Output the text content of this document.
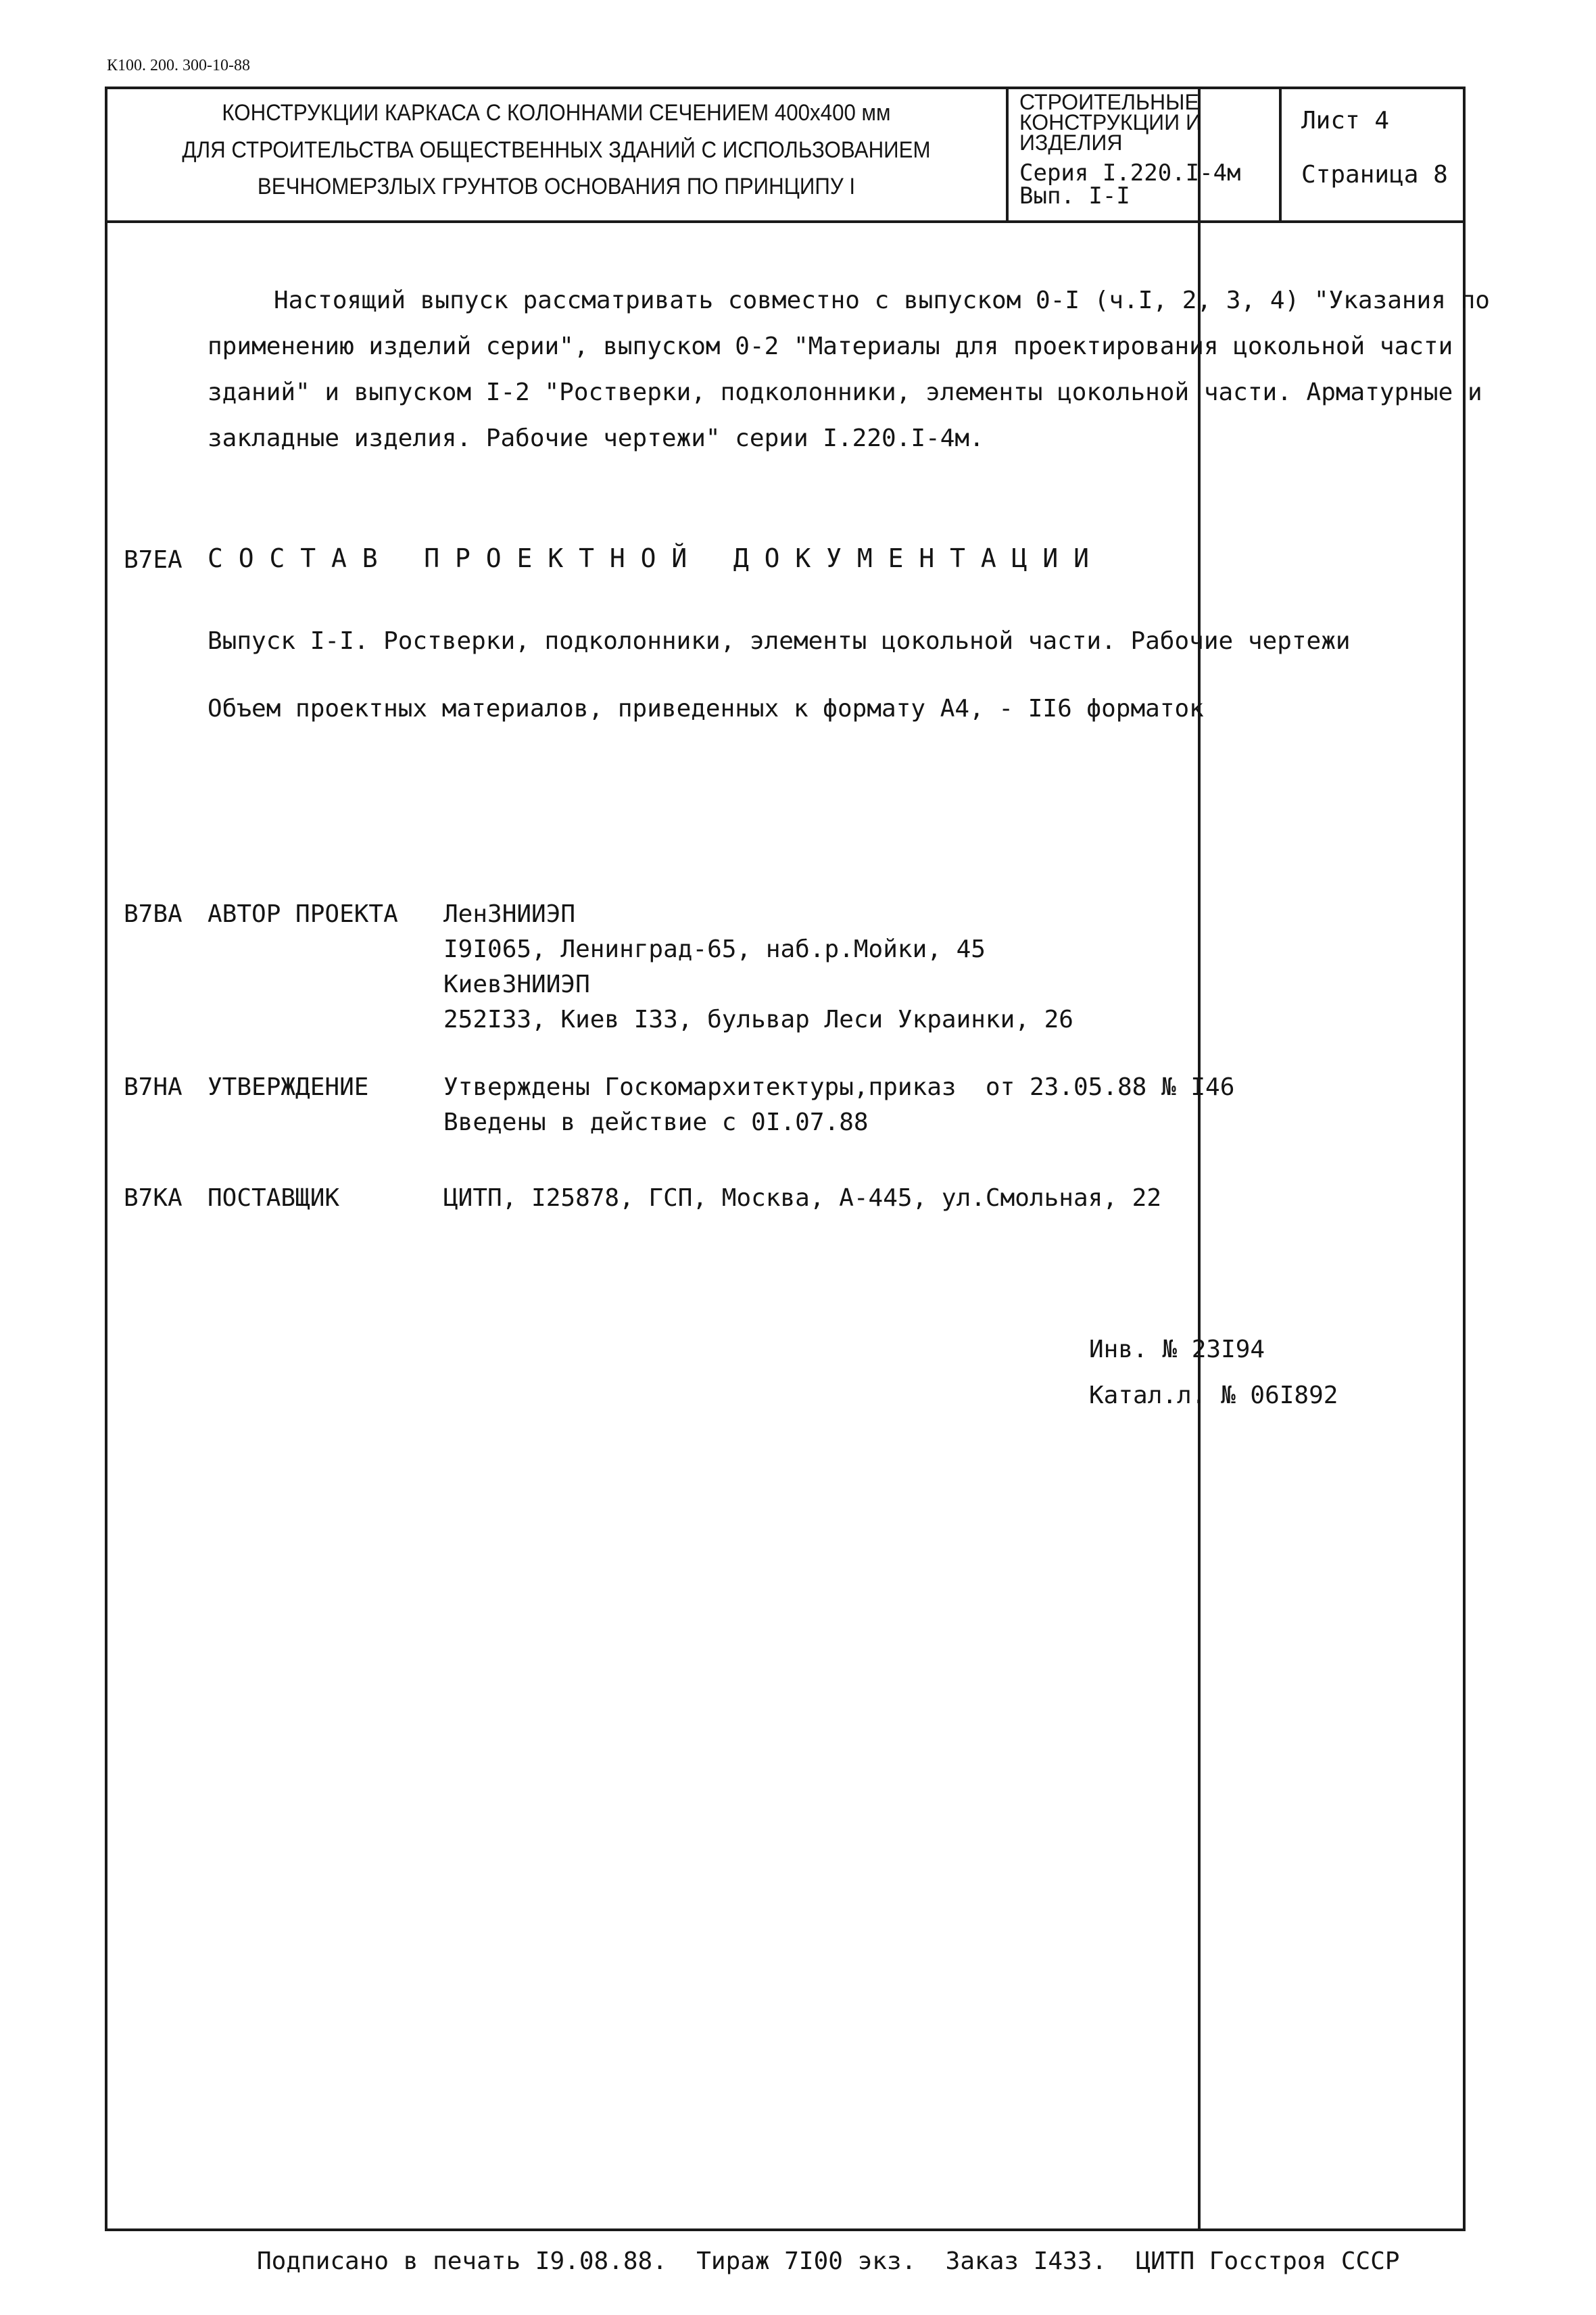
К100. 200. 300-10-88
КОНСТРУКЦИИ КАРКАСА С КОЛОННАМИ СЕЧЕНИЕМ 400х400 мм
ДЛЯ СТРОИТЕЛЬСТВА ОБЩЕСТВЕННЫХ ЗДАНИЙ С ИСПОЛЬЗОВАНИЕМ
ВЕЧНОМЕРЗЛЫХ ГРУНТОВ ОСНОВАНИЯ ПО ПРИНЦИПУ I
СТРОИТЕЛЬНЫЕ
КОНСТРУКЦИИ И
ИЗДЕЛИЯ
Серия I.220.I-4м
Вып. I-I
Лист 4
Страница 8
Настоящий выпуск рассматривать совместно с выпуском 0-I (ч.I, 2, 3, 4) "Указания по
применению изделий серии", выпуском 0-2 "Материалы для проектирования цокольной части
зданий" и выпуском I-2 "Ростверки, подколонники, элементы цокольной части. Арматурные и
закладные изделия. Рабочие чертежи" серии I.220.I-4м.
В7ЕА С О С Т А В   П Р О Е К Т Н О Й   Д О К У М Е Н Т А Ц И И
Выпуск I-I. Ростверки, подколонники, элементы цокольной части. Рабочие чертежи
Объем проектных материалов, приведенных к формату А4, - II6 форматок
В7ВА АВТОР ПРОЕКТА ЛенЗНИИЭП
I9I065, Ленинград-65, наб.р.Мойки, 45
КиевЗНИИЭП
252I33, Киев I33, бульвар Леси Украинки, 26
В7НА УТВЕРЖДЕНИЕ	Утверждены Госкомархитектуры,приказ  от 23.05.88 № I46
Введены в действие с 0I.07.88
В7КА ПОСТАВЩИК	ЦИТП, I25878, ГСП, Москва, А-445, ул.Смольная, 22
Инв. № 23I94
Катал.л. № 06I892
Подписано в печать I9.08.88.  Тираж 7I00 экз.  Заказ I433.  ЦИТП Госстроя СССР
